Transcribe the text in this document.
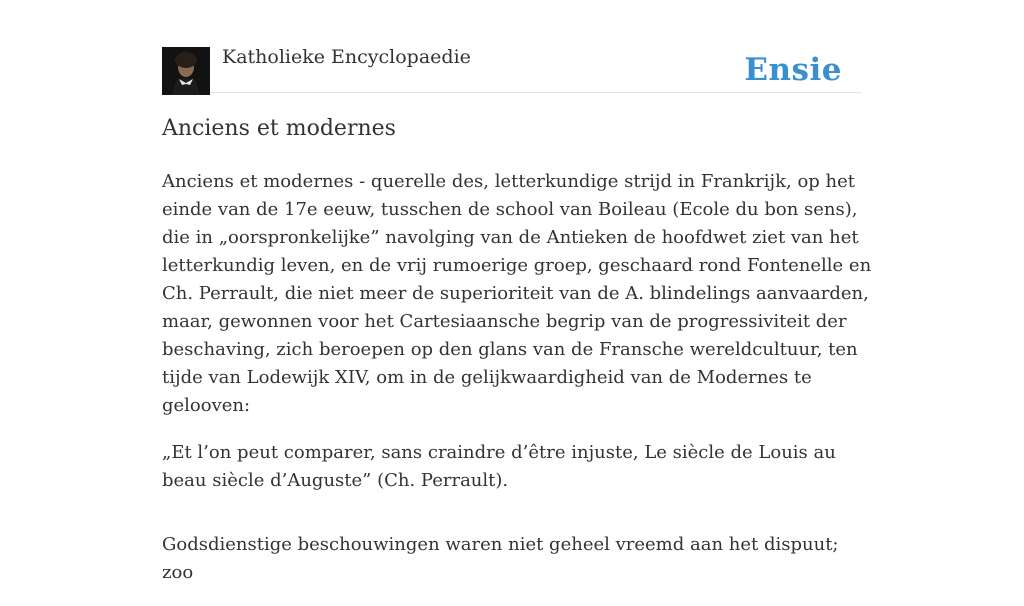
Katholieke Encyclopaedie	Ensie
Anciens et modernes

Anciens et modernes - querelle des, letterkundige strijd in Frankrijk, op het einde van de 17e eeuw, tusschen de school van Boileau (Ecole du bon sens), die in „oorspronkelijke” navolging van de Antieken de hoofdwet ziet van het letterkundig leven, en de vrij rumoerige groep, geschaard rond Fontenelle en Ch. Perrault, die niet meer de superioriteit van de A. blindelings aanvaarden, maar, gewonnen voor het Cartesiaansche begrip van de progressiviteit der beschaving, zich beroepen op den glans van de Fransche wereldcultuur, ten tijde van Lodewijk XIV, om in de gelijkwaardigheid van de Modernes te gelooven:

„Et l’on peut comparer, sans craindre d’être injuste, Le siècle de Louis au beau siècle d’Auguste” (Ch. Perrault).

Godsdienstige beschouwingen waren niet geheel vreemd aan het dispuut; zoo
